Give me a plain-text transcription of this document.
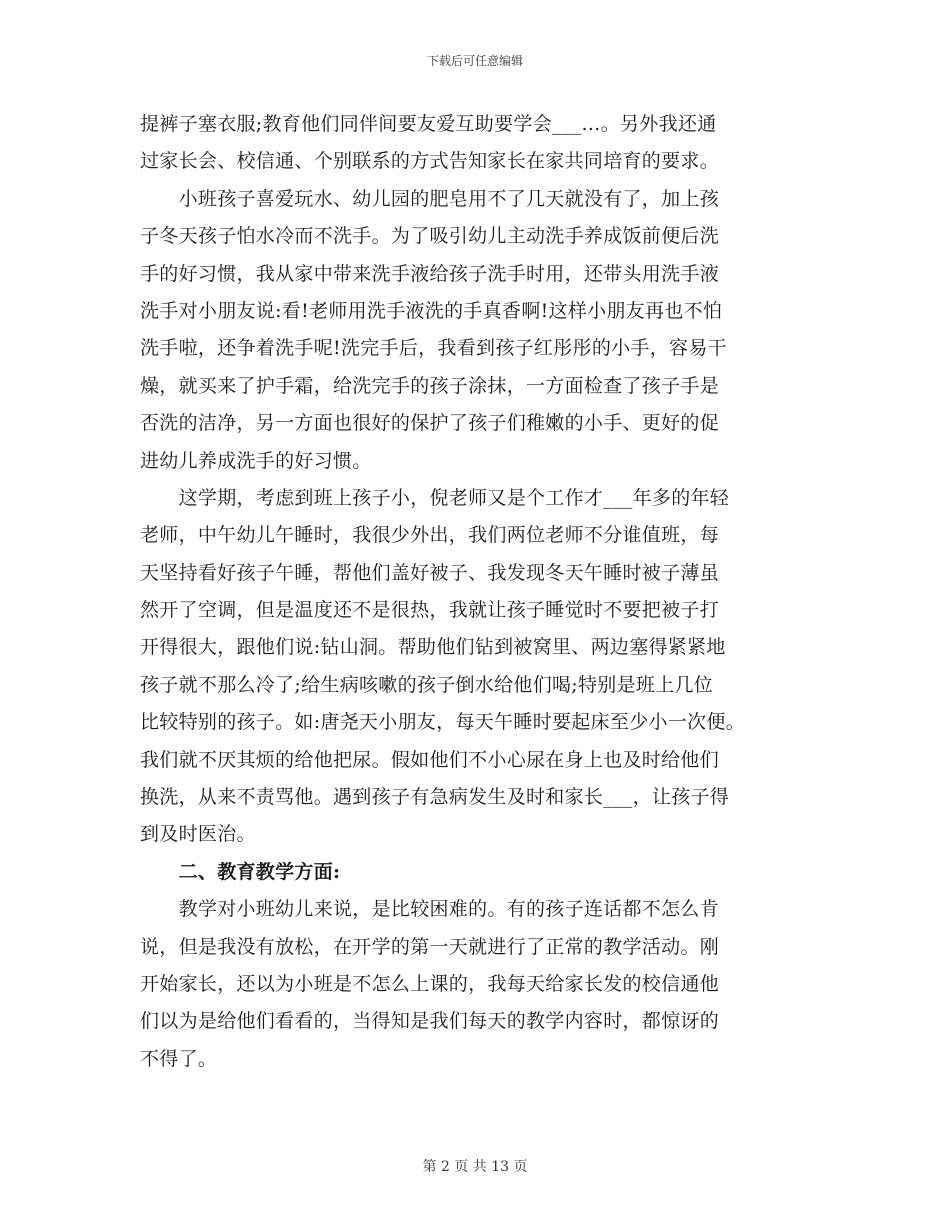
下载后可任意编辑
提裤子塞衣服;教育他们同伴间要友爱互助要学会___…。另外我还通
过家长会、校信通、个别联系的方式告知家长在家共同培育的要求。
　　小班孩子喜爱玩水、幼儿园的肥皂用不了几天就没有了，加上孩
子冬天孩子怕水冷而不洗手。为了吸引幼儿主动洗手养成饭前便后洗
手的好习惯，我从家中带来洗手液给孩子洗手时用，还带头用洗手液
洗手对小朋友说:看!老师用洗手液洗的手真香啊!这样小朋友再也不怕
洗手啦，还争着洗手呢!洗完手后，我看到孩子红彤彤的小手，容易干
燥，就买来了护手霜，给洗完手的孩子涂抹，一方面检查了孩子手是
否洗的洁净，另一方面也很好的保护了孩子们稚嫩的小手、更好的促
进幼儿养成洗手的好习惯。
　　这学期，考虑到班上孩子小，倪老师又是个工作才___年多的年轻
老师，中午幼儿午睡时，我很少外出，我们两位老师不分谁值班，每
天坚持看好孩子午睡，帮他们盖好被子、我发现冬天午睡时被子薄虽
然开了空调，但是温度还不是很热，我就让孩子睡觉时不要把被子打
开得很大，跟他们说:钻山洞。帮助他们钻到被窝里、两边塞得紧紧地
孩子就不那么冷了;给生病咳嗽的孩子倒水给他们喝;特别是班上几位
比较特别的孩子。如:唐尧天小朋友，每天午睡时要起床至少小一次便。
我们就不厌其烦的给他把尿。假如他们不小心尿在身上也及时给他们
换洗，从来不责骂他。遇到孩子有急病发生及时和家长___，让孩子得
到及时医治。
　　二、教育教学方面:
　　教学对小班幼儿来说，是比较困难的。有的孩子连话都不怎么肯
说，但是我没有放松，在开学的第一天就进行了正常的教学活动。刚
开始家长，还以为小班是不怎么上课的，我每天给家长发的校信通他
们以为是给他们看看的，当得知是我们每天的教学内容时，都惊讶的
不得了。
第 2 页 共 13 页
